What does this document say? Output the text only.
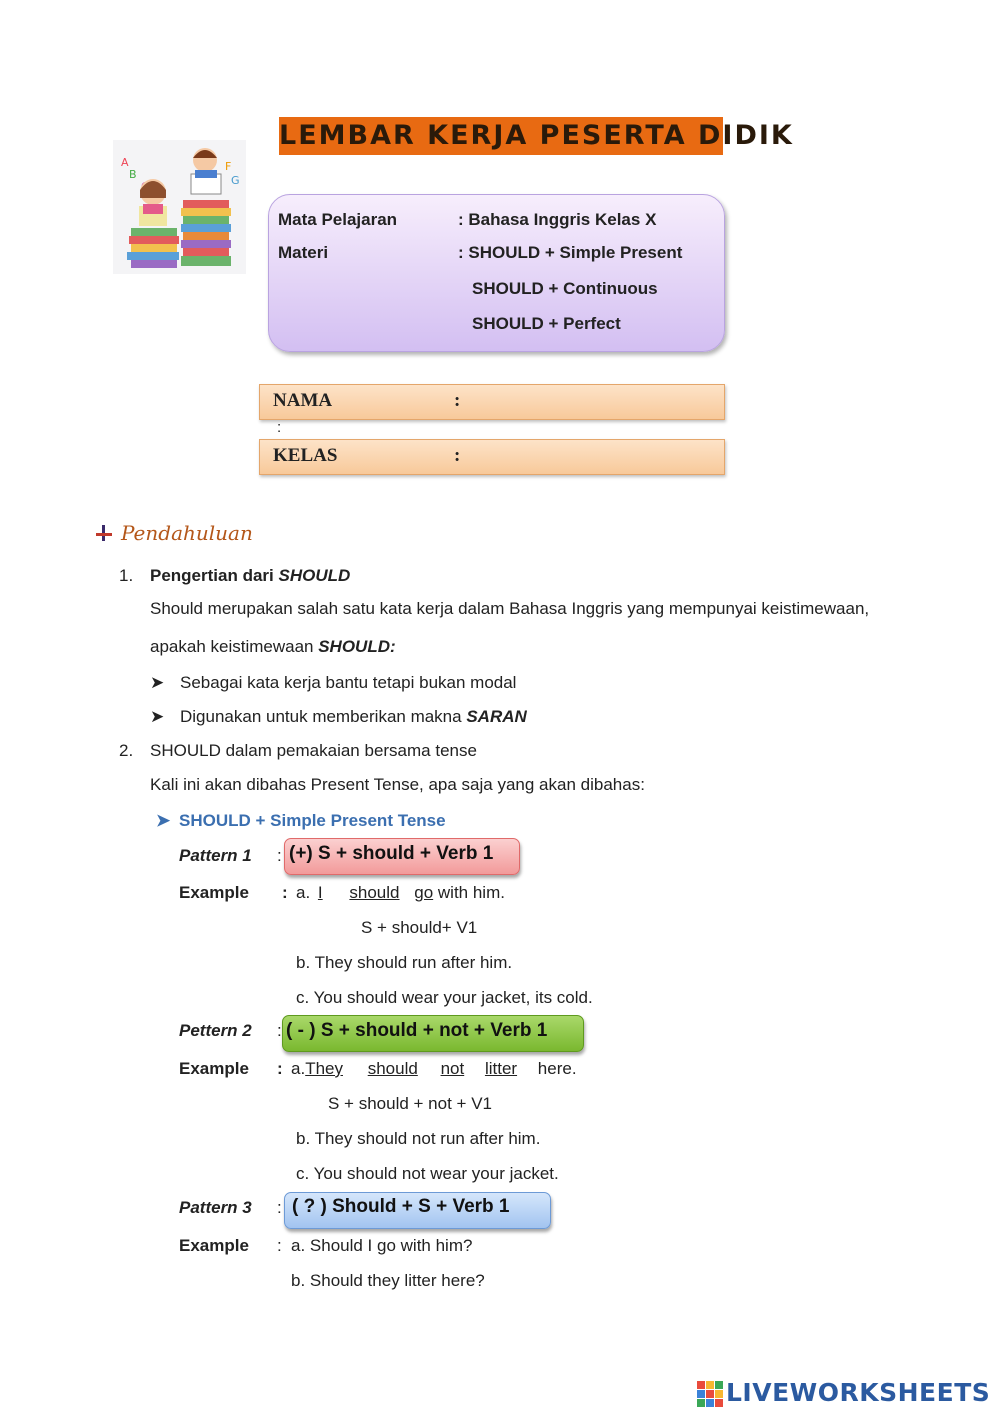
LEMBAR KERJA PESERTA DIDIK
A
B
F
G
Mata Pelajaran	: Bahasa Inggris Kelas X
Materi	: SHOULD + Simple Present
SHOULD + Continuous
SHOULD + Perfect
NAMA	:
:
KELAS	:
Pendahuluan
1. Pengertian dari SHOULD
Should merupakan salah satu kata kerja dalam Bahasa Inggris yang mempunyai keistimewaan,
apakah keistimewaan SHOULD:
➤ Sebagai kata kerja bantu tetapi bukan modal
➤ Digunakan untuk memberikan makna SARAN
2. SHOULD dalam pemakaian bersama tense
Kali ini akan dibahas Present Tense, apa saja yang akan dibahas:
➤ SHOULD + Simple Present Tense
Pattern 1 : (+) S + should + Verb 1
Example : a. I should go with him.
S + should+ V1
b. They should run after him.
c. You should wear your jacket, its cold.
Pettern 2 : ( - ) S + should + not + Verb 1
Example : a.They should not litter here.
S + should + not + V1
b. They should not run after him.
c. You should not wear your jacket.
Pattern 3 : ( ? ) Should + S + Verb 1
Example : a. Should I go with him?
b. Should they litter here?
LIVEWORKSHEETS
